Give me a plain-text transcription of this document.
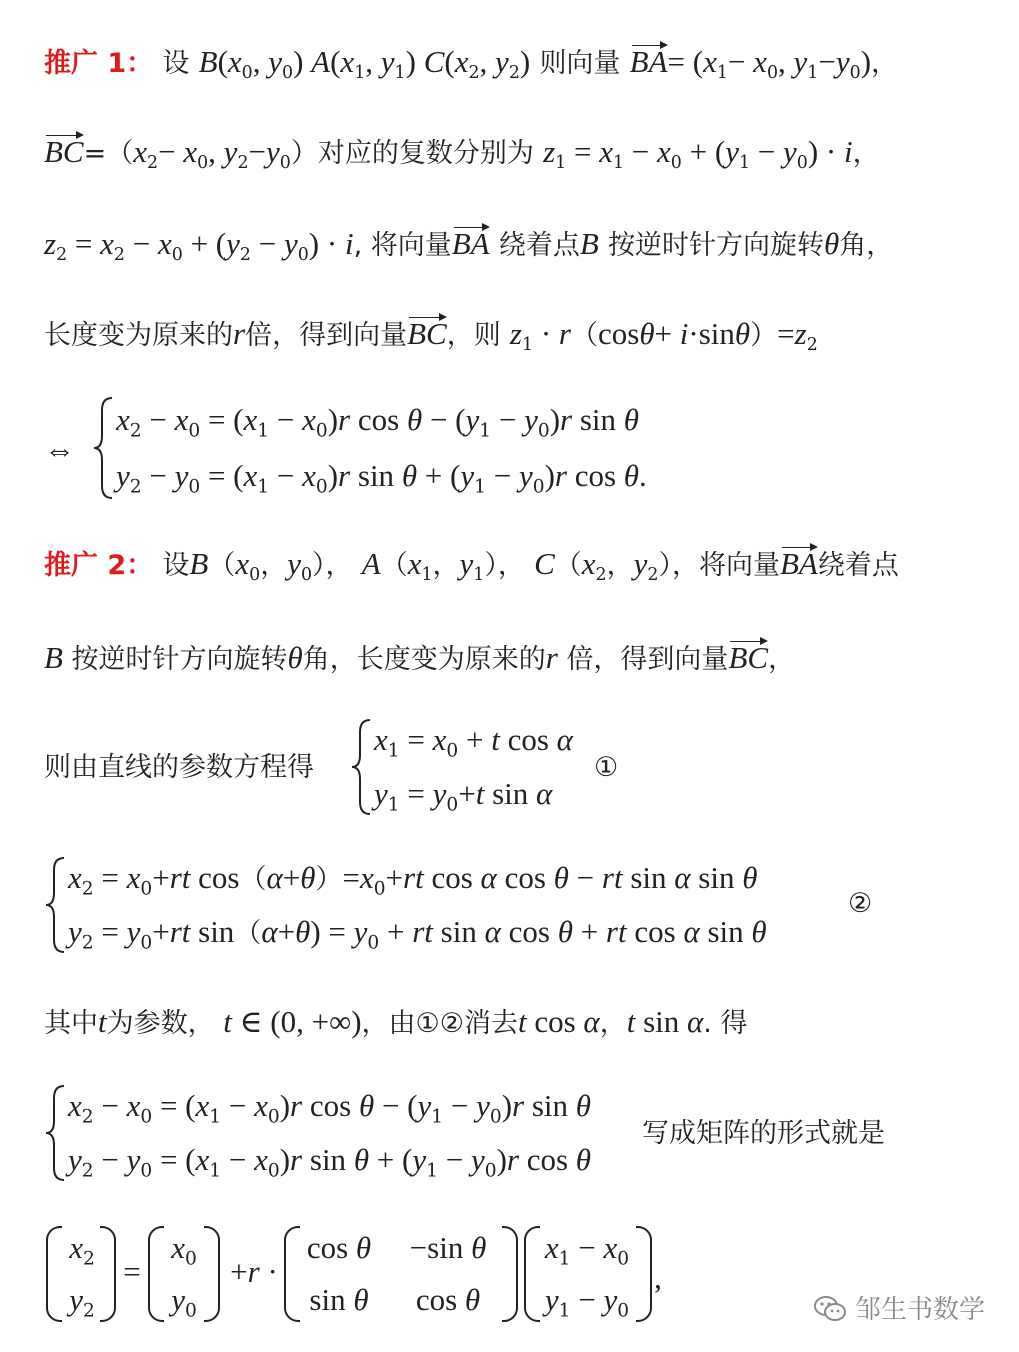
推广 1： 设 $B(x_0$, $y_0$) $A(x_1$, $y_1$) $C(x_2$, $y_2$) 则向量 $BA= (x_1- x_0$, $y_1-y_0$)，
$BC=(x_2- x_0$, $y_2-y_0$）对应的复数分别为 $z_1 = x_1 - x_0 + (y_1 - y_0) \cdot i$，
$z_2 = x_2 - x_0 + (y_2 - y_0) \cdot i$, 将向量BA 绕着点B 按逆时针方向旋转θ角，
长度变为原来的r倍，得到向量BC，则 $z_1 \cdot r(\cos\theta+ i\cdot\sin\theta)=z_2$
⇔
$x_2 - x_0 = (x_1 - x_0)r$ $\cos \theta - (y_1 - y_0)r$ sin θ
$y_2 - y_0 = (x_1 - x_0)r$ $\sin \theta + (y_1 - y_0)r$ cos θ.
推广 2： 设$B(x_0$，$y_0$）， $A(x_1$，$y_1$）， $C(x_2$，$y_2$），将向量BA绕着点
B 按逆时针方向旋转θ角，长度变为原来的r 倍，得到向量BC，
则由直线的参数方程得
$x_1 = x_0 + t$ cos α
$y_1 = y_0+t$ sin α
①
$x_2 = x_0+rt$ $\cos(\alpha+\theta)=x_0+rt$ cos α cos θ − rt sin α sin θ
$y_2 = y_0+rt$ $\sin(\alpha+\theta) = y_0$ + rt sin α cos θ + rt cos α sin θ
②
其中t为参数， t ∈ (0, +∞)，由①②消去t cos α，t sin α. 得
$x_2 - x_0 = (x_1 - x_0)r$ $\cos \theta - (y_1 - y_0)r$ sin θ
$y_2 - y_0 = (x_1 - x_0)r$ $\sin \theta + (y_1 - y_0)r$ cos θ
写成矩阵的形式就是
$x_2$
$y_2$
=
$x_0$
$y_0$
+r ·
cos θ
sin θ
−sin θ
cos θ
$x_1 - x_0$
$y_1 - y_0$
,
邹生书数学
